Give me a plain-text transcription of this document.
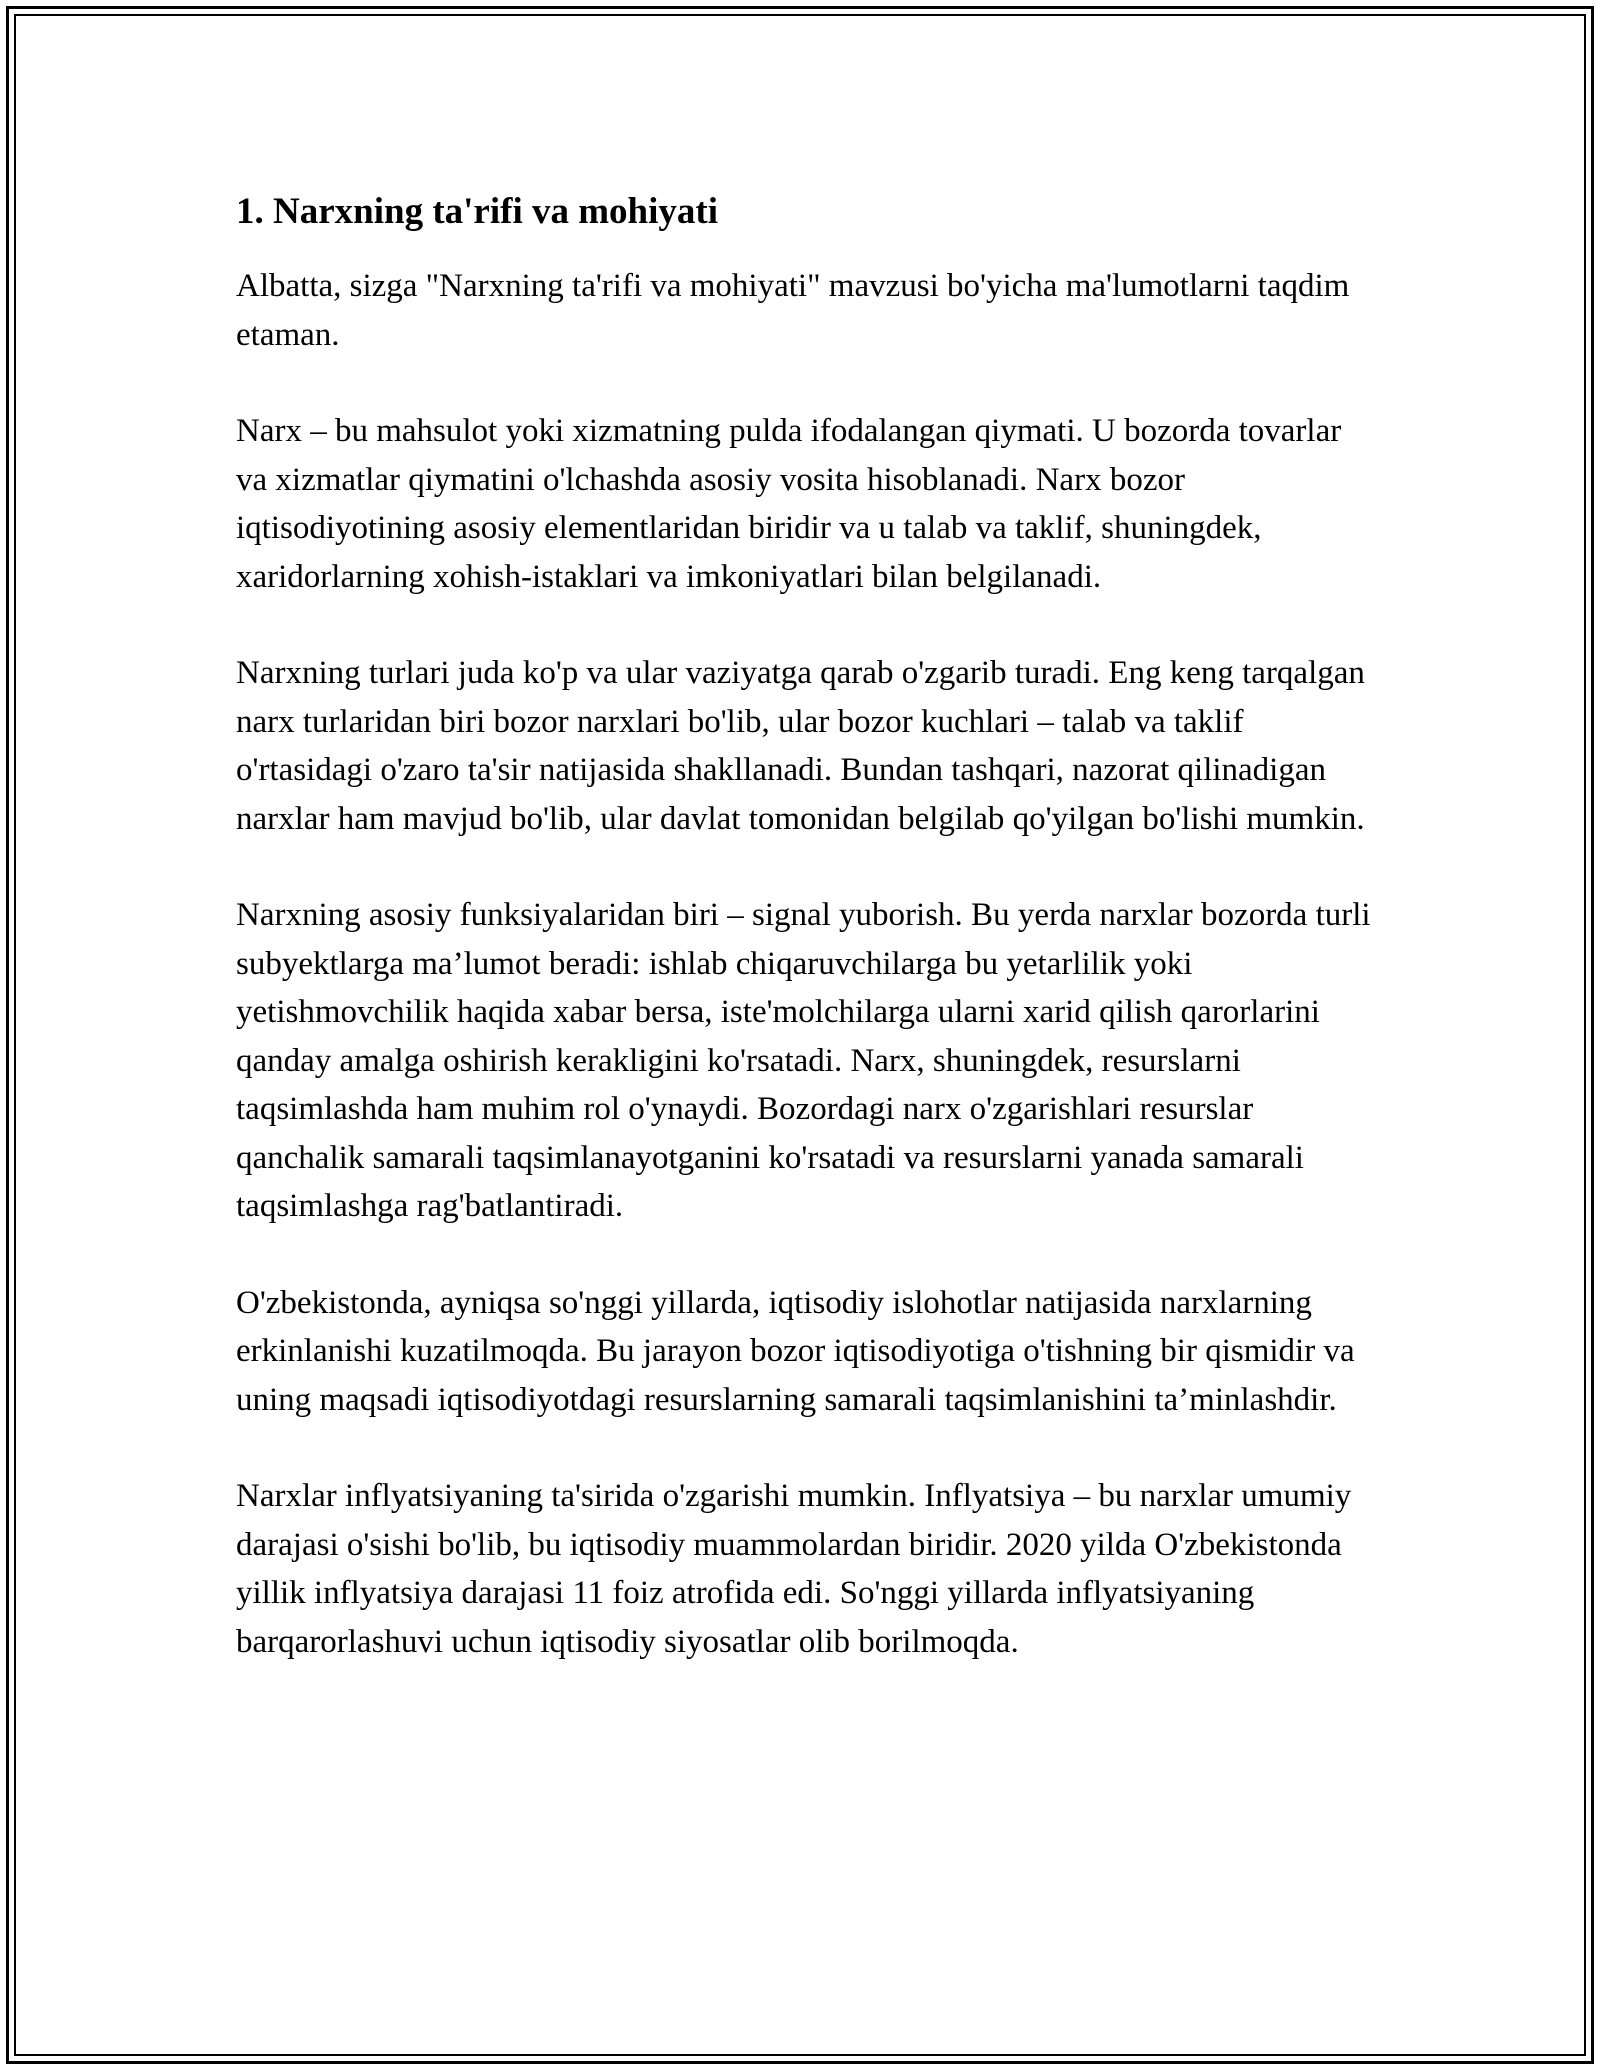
1. Narxning ta'rifi va mohiyati

Albatta, sizga "Narxning ta'rifi va mohiyati" mavzusi bo'yicha ma'lumotlarni taqdim etaman.

Narx – bu mahsulot yoki xizmatning pulda ifodalangan qiymati. U bozorda tovarlar va xizmatlar qiymatini o'lchashda asosiy vosita hisoblanadi. Narx bozor iqtisodiyotining asosiy elementlaridan biridir va u talab va taklif, shuningdek, xaridorlarning xohish-istaklari va imkoniyatlari bilan belgilanadi.

Narxning turlari juda ko'p va ular vaziyatga qarab o'zgarib turadi. Eng keng tarqalgan narx turlaridan biri bozor narxlari bo'lib, ular bozor kuchlari – talab va taklif o'rtasidagi o'zaro ta'sir natijasida shakllanadi. Bundan tashqari, nazorat qilinadigan narxlar ham mavjud bo'lib, ular davlat tomonidan belgilab qo'yilgan bo'lishi mumkin.

Narxning asosiy funksiyalaridan biri – signal yuborish. Bu yerda narxlar bozorda turli subyektlarga ma’lumot beradi: ishlab chiqaruvchilarga bu yetarlilik yoki yetishmovchilik haqida xabar bersa, iste'molchilarga ularni xarid qilish qarorlarini qanday amalga oshirish kerakligini ko'rsatadi. Narx, shuningdek, resurslarni taqsimlashda ham muhim rol o'ynaydi. Bozordagi narx o'zgarishlari resurslar qanchalik samarali taqsimlanayotganini ko'rsatadi va resurslarni yanada samarali taqsimlashga rag'batlantiradi.

O'zbekistonda, ayniqsa so'nggi yillarda, iqtisodiy islohotlar natijasida narxlarning erkinlanishi kuzatilmoqda. Bu jarayon bozor iqtisodiyotiga o'tishning bir qismidir va uning maqsadi iqtisodiyotdagi resurslarning samarali taqsimlanishini ta’minlashdir.

Narxlar inflyatsiyaning ta'sirida o'zgarishi mumkin. Inflyatsiya – bu narxlar umumiy darajasi o'sishi bo'lib, bu iqtisodiy muammolardan biridir. 2020 yilda O'zbekistonda yillik inflyatsiya darajasi 11 foiz atrofida edi. So'nggi yillarda inflyatsiyaning barqarorlashuvi uchun iqtisodiy siyosatlar olib borilmoqda.
